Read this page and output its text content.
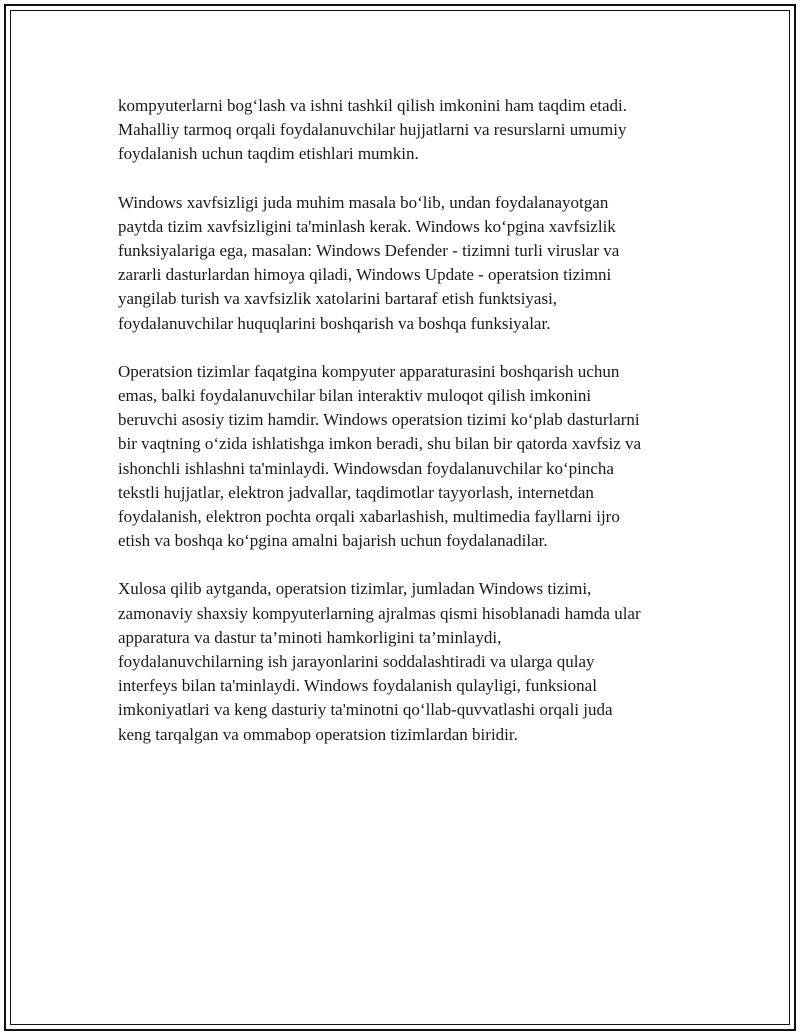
kompyuterlarni bog‘lash va ishni tashkil qilish imkonini ham taqdim etadi.
Mahalliy tarmoq orqali foydalanuvchilar hujjatlarni va resurslarni umumiy
foydalanish uchun taqdim etishlari mumkin.

Windows xavfsizligi juda muhim masala bo‘lib, undan foydalanayotgan
paytda tizim xavfsizligini ta'minlash kerak. Windows ko‘pgina xavfsizlik
funksiyalariga ega, masalan: Windows Defender - tizimni turli viruslar va
zararli dasturlardan himoya qiladi, Windows Update - operatsion tizimni
yangilab turish va xavfsizlik xatolarini bartaraf etish funktsiyasi,
foydalanuvchilar huquqlarini boshqarish va boshqa funksiyalar.

Operatsion tizimlar faqatgina kompyuter apparaturasini boshqarish uchun
emas, balki foydalanuvchilar bilan interaktiv muloqot qilish imkonini
beruvchi asosiy tizim hamdir. Windows operatsion tizimi ko‘plab dasturlarni
bir vaqtning o‘zida ishlatishga imkon beradi, shu bilan bir qatorda xavfsiz va
ishonchli ishlashni ta'minlaydi. Windowsdan foydalanuvchilar ko‘pincha
tekstli hujjatlar, elektron jadvallar, taqdimotlar tayyorlash, internetdan
foydalanish, elektron pochta orqali xabarlashish, multimedia fayllarni ijro
etish va boshqa ko‘pgina amalni bajarish uchun foydalanadilar.

Xulosa qilib aytganda, operatsion tizimlar, jumladan Windows tizimi,
zamonaviy shaxsiy kompyuterlarning ajralmas qismi hisoblanadi hamda ular
apparatura va dastur ta’minoti hamkorligini ta’minlaydi,
foydalanuvchilarning ish jarayonlarini soddalashtiradi va ularga qulay
interfeys bilan ta'minlaydi. Windows foydalanish qulayligi, funksional
imkoniyatlari va keng dasturiy ta'minotni qo‘llab-quvvatlashi orqali juda
keng tarqalgan va ommabop operatsion tizimlardan biridir.
